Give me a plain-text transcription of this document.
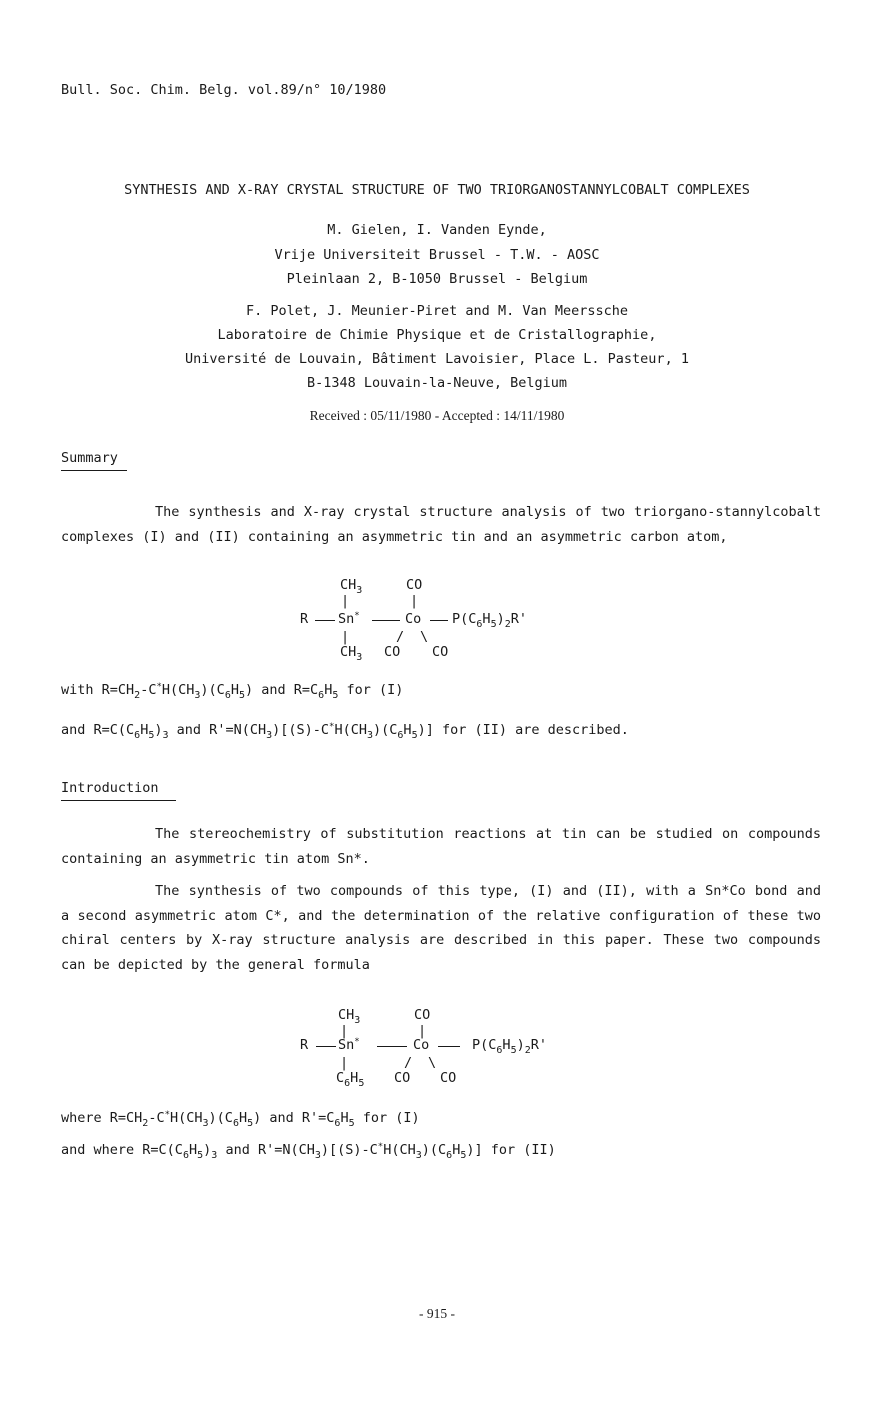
Bull. Soc. Chim. Belg. vol.89/n° 10/1980
SYNTHESIS AND X-RAY CRYSTAL STRUCTURE OF TWO TRIORGANOSTANNYLCOBALT COMPLEXES
M. Gielen, I. Vanden Eynde,
Vrije Universiteit Brussel - T.W. - AOSC
Pleinlaan 2, B-1050 Brussel - Belgium
F. Polet, J. Meunier-Piret and M. Van Meerssche
Laboratoire de Chimie Physique et de Cristallographie,
Université de Louvain, Bâtiment Lavoisier, Place L. Pasteur, 1
B-1348 Louvain-la-Neuve, Belgium
Received : 05/11/1980 - Accepted : 14/11/1980
Summary
The synthesis and X-ray crystal structure analysis of two triorgano-stannylcobalt complexes (I) and (II) containing an asymmetric tin and an asymmetric carbon atom,
$CH_3$	CO
|	|
R Sn*	Co $P(C_6H_5)_2R'$
|	/ \
$CH_3$ CO CO
with $R=CH_2-C^*H(CH_3)(C_6H_5)$ and $R=C_6H_5$ for (I)
and $R=C(C_6H_5)_3$ and $R'=N(CH_3)[(S)-C^*H(CH_3)(C_6H_5)]$ for (II) are described.
Introduction
The stereochemistry of substitution reactions at tin can be studied on compounds containing an asymmetric tin atom Sn*.
The synthesis of two compounds of this type, (I) and (II), with a Sn*Co bond and a second asymmetric atom C*, and the determination of the relative configuration of these two chiral centers by X-ray structure analysis are described in this paper. These two compounds can be depicted by the general formula
$CH_3$	CO
|	|
R Sn*	Co	$P(C_6H_5)_2R'$
|	/ \
$C_6H_5$ CO CO
where $R=CH_2-C^*H(CH_3)(C_6H_5)$ and $R'=C_6H_5$ for (I)
and where $R=C(C_6H_5)_3$ and $R'=N(CH_3)[(S)-C^*H(CH_3)(C_6H_5)]$ for (II)
- 915 -
